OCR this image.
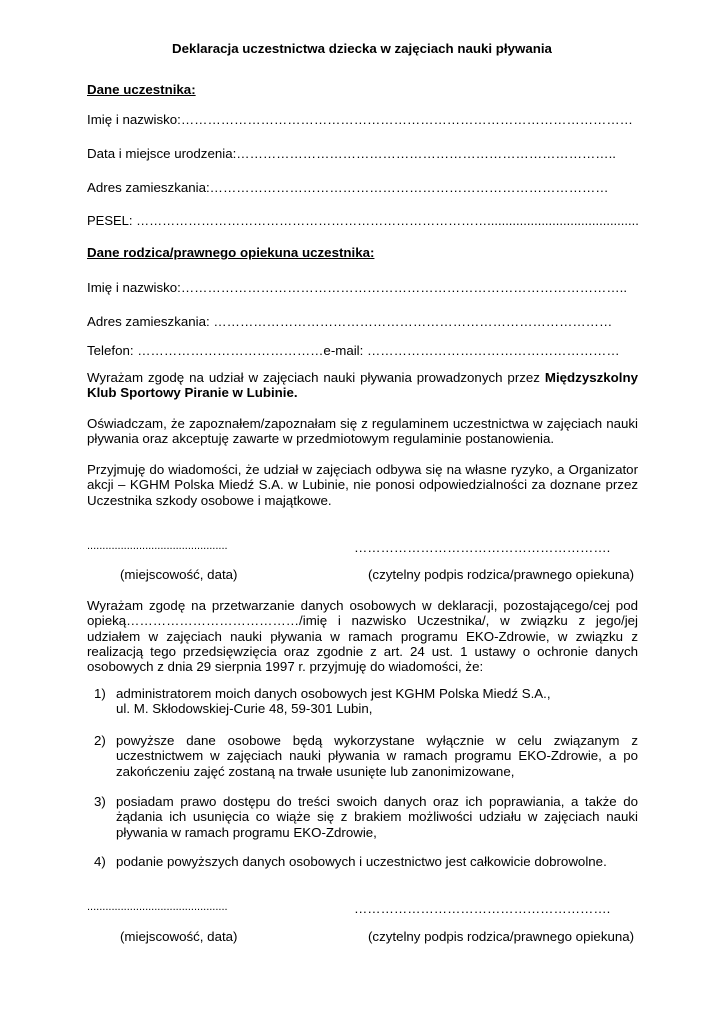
Deklaracja uczestnictwa dziecka w zajęciach nauki pływania
Dane uczestnika:
Imię i nazwisko:…………………………………………………………………………………………
Data i miejsce urodzenia:…………………………………………………………………………..
Adres zamieszkania:………………………………………………………………………………
PESEL: ………………………………………………………………………..........................................
Dane rodzica/prawnego opiekuna uczestnika:
Imię i nazwisko:………………………………………………………………………………………..
Adres zamieszkania: ………………………………………………………………………………
Telefon: ……………………………………e-mail: …………………………………………………
Wyrażam zgodę na udział w zajęciach nauki pływania prowadzonych przez Międzyszkolny Klub Sportowy Piranie w Lubinie.
Oświadczam, że zapoznałem/zapoznałam się z regulaminem uczestnictwa w zajęciach nauki pływania oraz akceptuję zawarte w przedmiotowym regulaminie postanowienia.
Przyjmuję do wiadomości, że udział w zajęciach odbywa się na własne ryzyko, a Organizator akcji – KGHM Polska Miedź S.A. w Lubinie, nie ponosi odpowiedzialności za doznane przez Uczestnika szkody osobowe i majątkowe.
..............................................	………………………………………………….
(miejscowość, data)	(czytelny podpis rodzica/prawnego opiekuna)
Wyrażam zgodę na przetwarzanie danych osobowych w deklaracji, pozostającego/cej pod opieką…………………………………/imię i nazwisko Uczestnika/, w związku z jego/jej udziałem w zajęciach nauki pływania w ramach programu EKO-Zdrowie, w związku z realizacją tego przedsięwzięcia oraz zgodnie z art. 24 ust. 1 ustawy o ochronie danych osobowych z dnia 29 sierpnia 1997 r. przyjmuję do wiadomości, że:
1) administratorem moich danych osobowych jest KGHM Polska Miedź S.A.,
ul. M. Skłodowskiej-Curie 48, 59-301 Lubin,
2) powyższe dane osobowe będą wykorzystane wyłącznie w celu związanym z uczestnictwem w zajęciach nauki pływania w ramach programu EKO-Zdrowie, a po zakończeniu zajęć zostaną na trwałe usunięte lub zanonimizowane,
3) posiadam prawo dostępu do treści swoich danych oraz ich poprawiania, a także do żądania ich usunięcia co wiąże się z brakiem możliwości udziału w zajęciach nauki pływania w ramach programu EKO-Zdrowie,
4) podanie powyższych danych osobowych i uczestnictwo jest całkowicie dobrowolne.
..............................................	………………………………………………….
(miejscowość, data)	(czytelny podpis rodzica/prawnego opiekuna)
